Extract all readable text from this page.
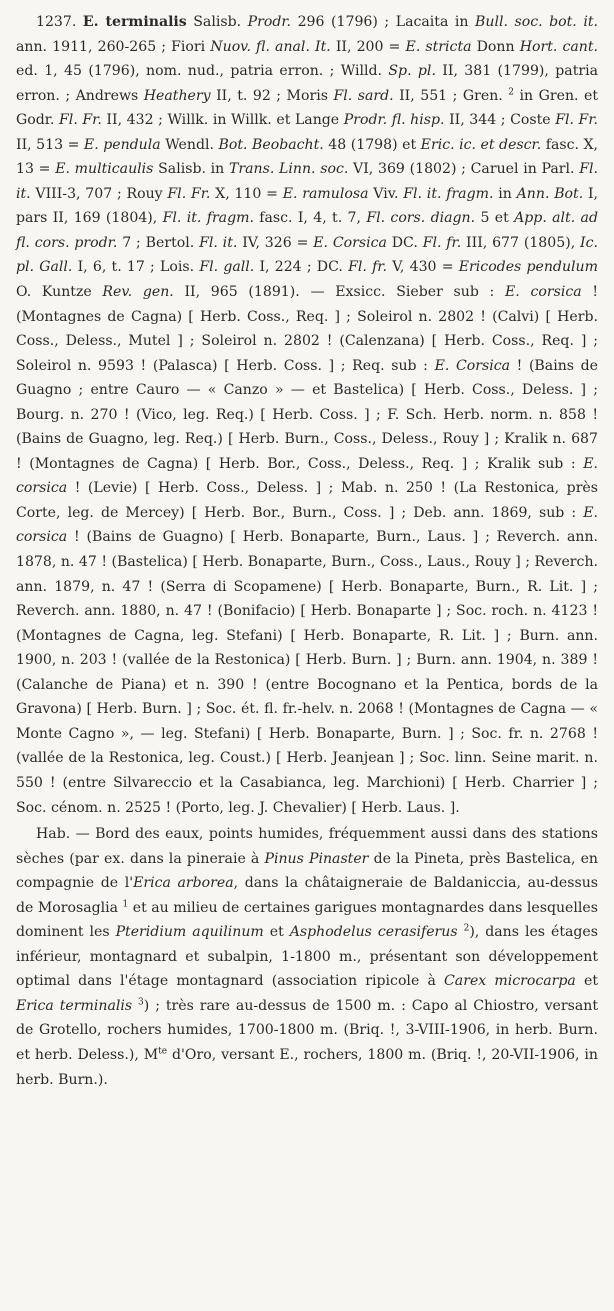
1237. E. terminalis Salisb. Prodr. 296 (1796) ; Lacaita in Bull. soc. bot. it. ann. 1911, 260-265 ; Fiori Nuov. fl. anal. It. II, 200 = E. stricta Donn Hort. cant. ed. 1, 45 (1796), nom. nud., patria erron. ; Willd. Sp. pl. II, 381 (1799), patria erron. ; Andrews Heathery II, t. 92 ; Moris Fl. sard. II, 551 ; Gren. $^2$ in Gren. et Godr. Fl. Fr. II, 432 ; Willk. in Willk. et Lange Prodr. fl. hisp. II, 344 ; Coste Fl. Fr. II, 513 = E. pendula Wendl. Bot. Beobacht. 48 (1798) et Eric. ic. et descr. fasc. X, 13 = E. multicaulis Salisb. in Trans. Linn. soc. VI, 369 (1802) ; Caruel in Parl. Fl. it. VIII-3, 707 ; Rouy Fl. Fr. X, 110 = E. ramulosa Viv. Fl. it. fragm. in Ann. Bot. I, pars II, 169 (1804), Fl. it. fragm. fasc. I, 4, t. 7, Fl. cors. diagn. 5 et App. alt. ad fl. cors. prodr. 7 ; Bertol. Fl. it. IV, 326 = E. Corsica DC. Fl. fr. III, 677 (1805), Ic. pl. Gall. I, 6, t. 17 ; Lois. Fl. gall. I, 224 ; DC. Fl. fr. V, 430 = Ericodes pendulum O. Kuntze Rev. gen. II, 965 (1891). — Exsicc. Sieber sub : E. corsica ! (Montagnes de Cagna) [ Herb. Coss., Req. ] ; Soleirol n. 2802 ! (Calvi) [ Herb. Coss., Deless., Mutel ] ; Soleirol n. 2802 ! (Calenzana) [ Herb. Coss., Req. ] ; Soleirol n. 9593 ! (Palasca) [ Herb. Coss. ] ; Req. sub : E. Corsica ! (Bains de Guagno ; entre Cauro — « Canzo » — et Bastelica) [ Herb. Coss., Deless. ] ; Bourg. n. 270 ! (Vico, leg. Req.) [ Herb. Coss. ] ; F. Sch. Herb. norm. n. 858 ! (Bains de Guagno, leg. Req.) [ Herb. Burn., Coss., Deless., Rouy ] ; Kralik n. 687 ! (Montagnes de Cagna) [ Herb. Bor., Coss., Deless., Req. ] ; Kralik sub : E. corsica ! (Levie) [ Herb. Coss., Deless. ] ; Mab. n. 250 ! (La Restonica, près Corte, leg. de Mercey) [ Herb. Bor., Burn., Coss. ] ; Deb. ann. 1869, sub : E. corsica ! (Bains de Guagno) [ Herb. Bonaparte, Burn., Laus. ] ; Reverch. ann. 1878, n. 47 ! (Bastelica) [ Herb. Bonaparte, Burn., Coss., Laus., Rouy ] ; Reverch. ann. 1879, n. 47 ! (Serra di Scopamene) [ Herb. Bonaparte, Burn., R. Lit. ] ; Reverch. ann. 1880, n. 47 ! (Bonifacio) [ Herb. Bonaparte ] ; Soc. roch. n. 4123 ! (Montagnes de Cagna, leg. Stefani) [ Herb. Bonaparte, R. Lit. ] ; Burn. ann. 1900, n. 203 ! (vallée de la Restonica) [ Herb. Burn. ] ; Burn. ann. 1904, n. 389 ! (Calanche de Piana) et n. 390 ! (entre Bocognano et la Pentica, bords de la Gravona) [ Herb. Burn. ] ; Soc. ét. fl. fr.-helv. n. 2068 ! (Montagnes de Cagna — « Monte Cagno », — leg. Stefani) [ Herb. Bonaparte, Burn. ] ; Soc. fr. n. 2768 ! (vallée de la Restonica, leg. Coust.) [ Herb. Jeanjean ] ; Soc. linn. Seine marit. n. 550 ! (entre Silvareccio et la Casabianca, leg. Marchioni) [ Herb. Charrier ] ; Soc. cénom. n. 2525 ! (Porto, leg. J. Chevalier) [ Herb. Laus. ].

Hab. — Bord des eaux, points humides, fréquemment aussi dans des stations sèches (par ex. dans la pineraie à Pinus Pinaster de la Pineta, près Bastelica, en compagnie de l'Erica arborea, dans la châtaigneraie de Baldaniccia, au-dessus de Morosaglia $^1$ et au milieu de certaines garigues montagnardes dans lesquelles dominent les Pteridium aquilinum et Asphodelus cerasiferus $^2$), dans les étages inférieur, montagnard et subalpin, 1-1800 m., présentant son développement optimal dans l'étage montagnard (association ripicole à Carex microcarpa et Erica terminalis $^3$) ; très rare au-dessus de 1500 m. : Capo al Chiostro, versant de Grotello, rochers humides, 1700-1800 m. (Briq. !, 3-VIII-1906, in herb. Burn. et herb. Deless.), $M^{te}$ d'Oro, versant E., rochers, 1800 m. (Briq. !, 20-VII-1906, in herb. Burn.).
